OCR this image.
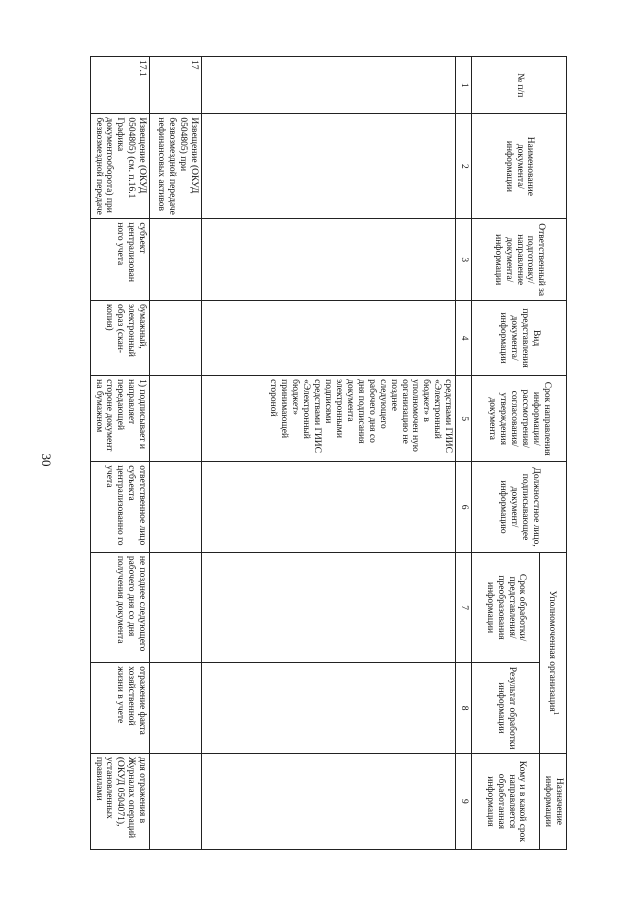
30
№ п/п	Наименование документа/ информации	Ответственный за подготовку/ направление документа/ информации	Вид представления документа/ информации	Срок направления информации/ рассмотрения/ согласования/ утверждения документа	Должностное лицо, подписывающее документ/ информацию	Уполномоченная организация$^1$		Назначение информации
						Срок обработки/ представления/ преобразования информации	Результат обработки информации	Кому и в какой срок направляется обработанная информация
1	2	3	4	5	6	7	8	9
				средствами ГИИС «Электронный бюджет» в уполномочен ную организацию не позднее следующего рабочего дня со дня подписания документа электронными подписями средствами ГИИС «Электронный бюджет» принимающей стороной				
17	Извещение (ОКУД 0504805) при безвозмездной передаче нефинансовых активов							
17.1	Извещение (ОКУД 0504805) (см. п.16.1 Графика документооборота) при безвозмездной передаче	субъект централизован ного учета	бумажный, электронный образ (скан-копия)	1) подписывает и направляет передающей стороне документ на бумажном	ответственное лицо субъекта централизованно го учета	не позднее следующего рабочего дня со дня получения документа	отражение факта хозяйственной жизни в учете	для отражения в Журналах операций (ОКУД 0504071), установленных правилами
